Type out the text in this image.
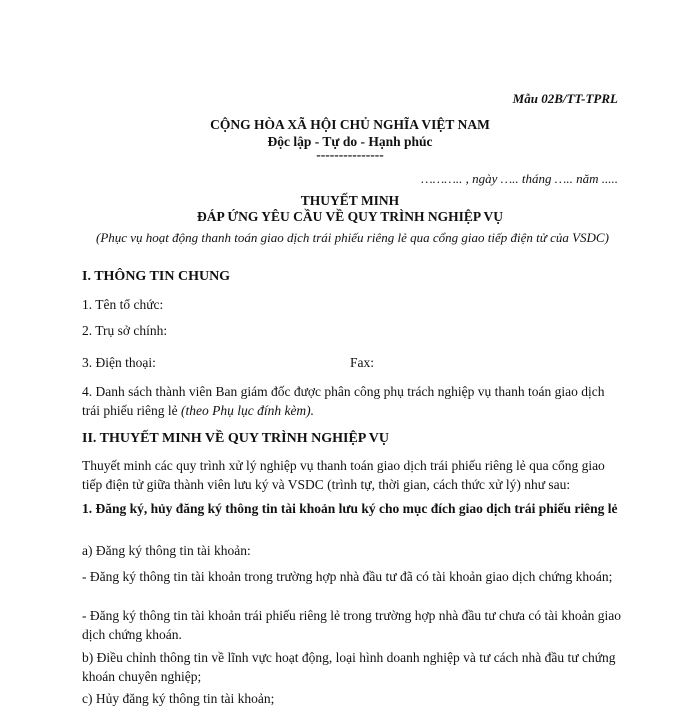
Mẫu 02B/TT-TPRL
CỘNG HÒA XÃ HỘI CHỦ NGHĨA VIỆT NAM
Độc lập - Tự do - Hạnh phúc
---------------
……….. , ngày ….. tháng ….. năm .....
THUYẾT MINH
ĐÁP ỨNG YÊU CẦU VỀ QUY TRÌNH NGHIỆP VỤ
(Phục vụ hoạt động thanh toán giao dịch trái phiếu riêng lẻ qua cổng giao tiếp điện tử của VSDC)
I. THÔNG TIN CHUNG
1. Tên tổ chức:
2. Trụ sở chính:
3. Điện thoại:	Fax:
4. Danh sách thành viên Ban giám đốc được phân công phụ trách nghiệp vụ thanh toán giao dịch trái phiếu riêng lẻ (theo Phụ lục đính kèm).
II. THUYẾT MINH VỀ QUY TRÌNH NGHIỆP VỤ
Thuyết minh các quy trình xử lý nghiệp vụ thanh toán giao dịch trái phiếu riêng lẻ qua cổng giao tiếp điện tử giữa thành viên lưu ký và VSDC (trình tự, thời gian, cách thức xử lý) như sau:
1. Đăng ký, hủy đăng ký thông tin tài khoản lưu ký cho mục đích giao dịch trái phiếu riêng lẻ
a) Đăng ký thông tin tài khoản:
- Đăng ký thông tin tài khoản trong trường hợp nhà đầu tư đã có tài khoản giao dịch chứng khoán;
- Đăng ký thông tin tài khoản trái phiếu riêng lẻ trong trường hợp nhà đầu tư chưa có tài khoản giao dịch chứng khoán.
b) Điều chỉnh thông tin về lĩnh vực hoạt động, loại hình doanh nghiệp và tư cách nhà đầu tư chứng khoán chuyên nghiệp;
c) Hủy đăng ký thông tin tài khoản;
